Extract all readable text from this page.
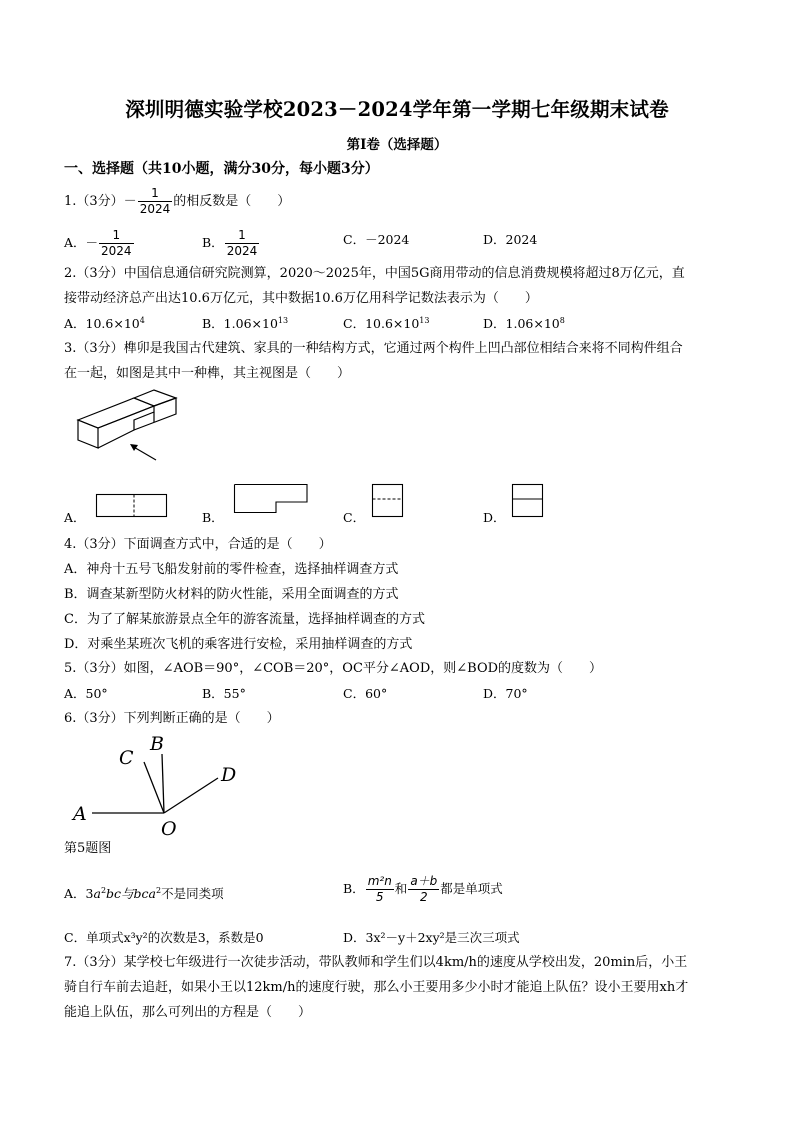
深圳明德实验学校2023－2024学年第一学期七年级期末试卷
第Ⅰ卷（选择题）
一、选择题（共10小题，满分30分，每小题3分）
1.（3分）－ $\frac{1}{2024}$ 的相反数是（　　）
A．－ $\frac{1}{2024}$	B． $\frac{1}{2024}$	C．－2024	D．2024
2.（3分）中国信息通信研究院测算，2020～2025年，中国5G商用带动的信息消费规模将超过8万亿元，直
接带动经济总产出达10.6万亿元，其中数据10.6万亿用科学记数法表示为（　　）
A．$10.6\times 10^4$	B．$1.06\times 10^{13}$	C．$10.6\times 10^{13}$	D．$1.06\times 10^8$
3.（3分）榫卯是我国古代建筑、家具的一种结构方式，它通过两个构件上凹凸部位相结合来将不同构件组合
在一起，如图是其中一种榫，其主视图是（　　）
A．	B．	C．	D．
4.（3分）下面调查方式中，合适的是（　　）
A．神舟十五号飞船发射前的零件检查，选择抽样调查方式
B．调查某新型防火材料的防火性能，采用全面调查的方式
C．为了了解某旅游景点全年的游客流量，选择抽样调查的方式
D．对乘坐某班次飞机的乘客进行安检，采用抽样调查的方式
5.（3分）如图，∠AOB＝90°，∠COB＝20°，OC平分∠AOD，则∠BOD的度数为（　　）
A．50°	B．55°	C．60°	D．70°
6.（3分）下列判断正确的是（　　）
A
B
C
D
O
第5题图
A．$3a^2bc$与bca$^2$不是同类项	B． $\frac{\text{m²n}}{5}$ 和 $\frac{a+b}{2}$ 都是单项式
C．单项式x³y²的次数是3，系数是0	D．3x²－y＋2xy²是三次三项式
7.（3分）某学校七年级进行一次徒步活动，带队教师和学生们以4km/h的速度从学校出发，20min后，小王
骑自行车前去追赶，如果小王以12km/h的速度行驶，那么小王要用多少小时才能追上队伍？设小王要用xh才
能追上队伍，那么可列出的方程是（　　）
